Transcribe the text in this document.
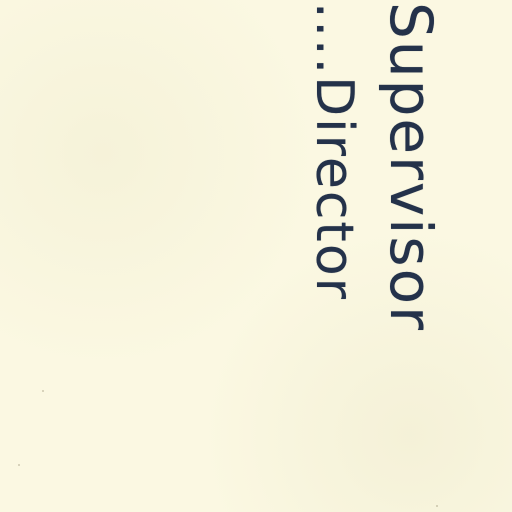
Supervisor
....Director
